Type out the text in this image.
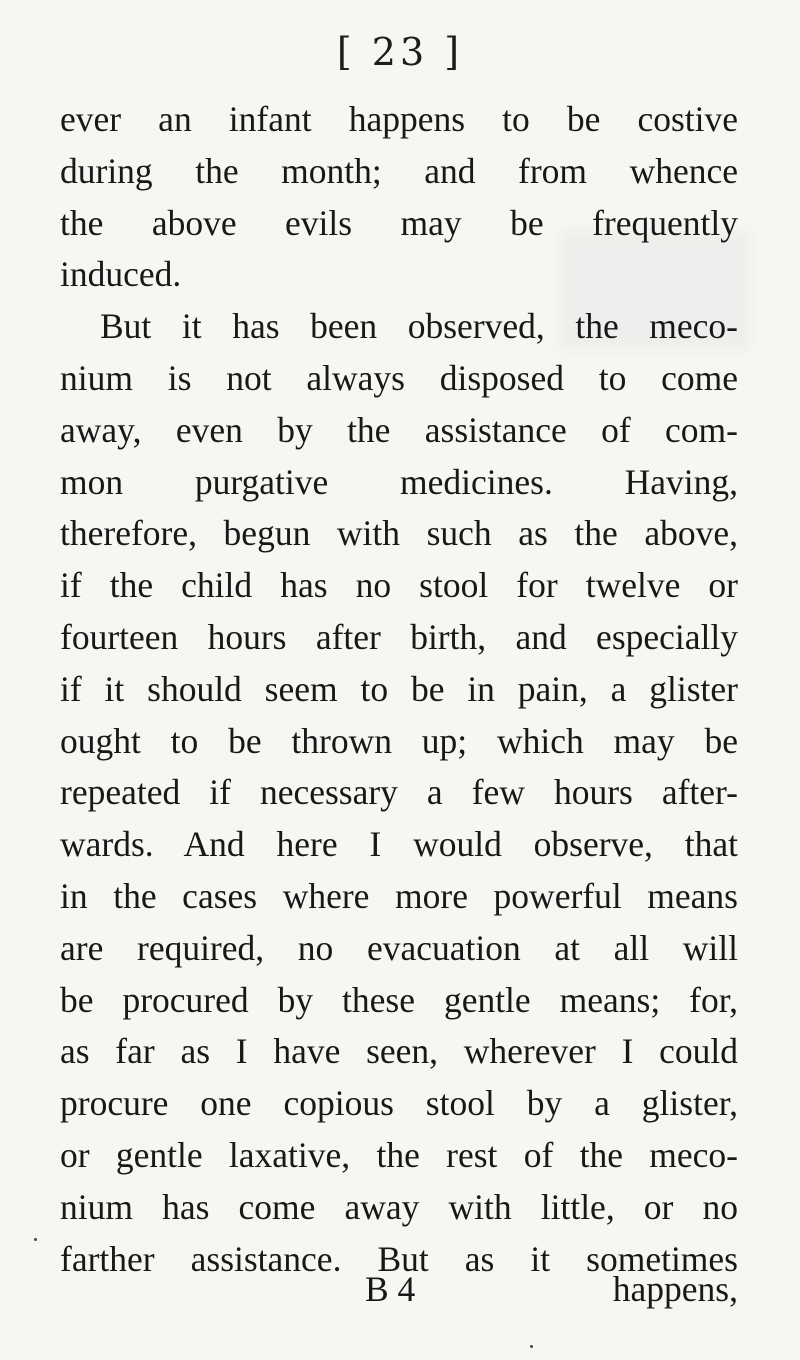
[ 23 ]
ever an infant happens to be costive
during the month; and from whence
the above evils may be frequently
induced.
But it has been observed, the meco-
nium is not always disposed to come
away, even by the assistance of com-
mon purgative medicines. Having,
therefore, begun with such as the above,
if the child has no stool for twelve or
fourteen hours after birth, and especially
if it should seem to be in pain, a glister
ought to be thrown up; which may be
repeated if necessary a few hours after-
wards. And here I would observe, that
in the cases where more powerful means
are required, no evacuation at all will
be procured by these gentle means; for,
as far as I have seen, wherever I could
procure one copious stool by a glister,
or gentle laxative, the rest of the meco-
nium has come away with little, or no
farther assistance. But as it sometimes
B 4	happens,
